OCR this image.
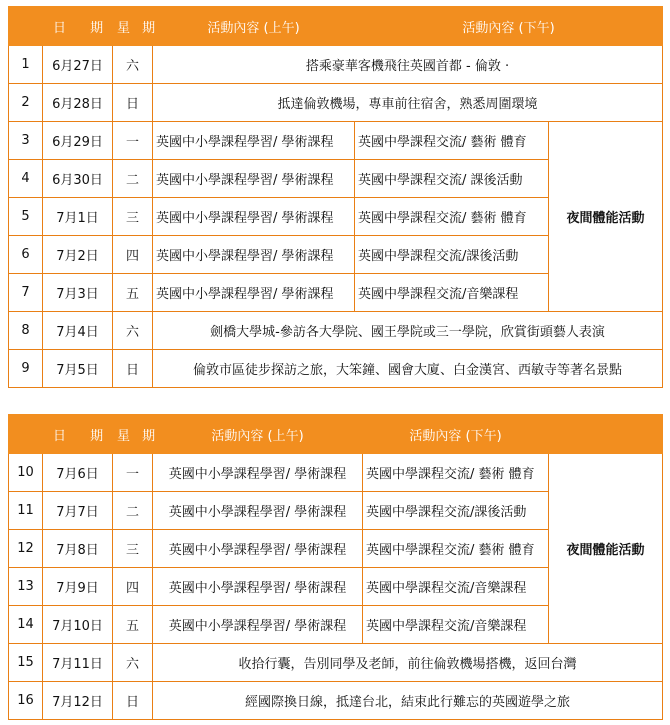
	日 期	星 期	活動內容 (上午)	活動內容 (下午)	
1	6月27日	六	搭乘豪華客機飛往英國首都 - 倫敦 ·		
2	6月28日	日	抵達倫敦機場，專車前往宿舍，熟悉周圍環境		
3	6月29日	一	英國中小學課程學習/ 學術課程	英國中學課程交流/ 藝術 體育	夜間體能活動
4	6月30日	二	英國中小學課程學習/ 學術課程	英國中學課程交流/ 課後活動	
5	7月1日	三	英國中小學課程學習/ 學術課程	英國中學課程交流/ 藝術 體育	
6	7月2日	四	英國中小學課程學習/ 學術課程	英國中學課程交流/課後活動	
7	7月3日	五	英國中小學課程學習/ 學術課程	英國中學課程交流/音樂課程	
8	7月4日	六	劍橋大學城-參訪各大學院、國王學院或三一學院，欣賞街頭藝人表演		
9	7月5日	日	倫敦市區徒步探訪之旅，大笨鐘、國會大廈、白金漢宮、西敏寺等著名景點		
	日 期	星 期	活動內容 (上午)	活動內容 (下午)	
10	7月6日	一	英國中小學課程學習/ 學術課程	英國中學課程交流/ 藝術 體育	夜間體能活動
11	7月7日	二	英國中小學課程學習/ 學術課程	英國中學課程交流/課後活動	
12	7月8日	三	英國中小學課程學習/ 學術課程	英國中學課程交流/ 藝術 體育	
13	7月9日	四	英國中小學課程學習/ 學術課程	英國中學課程交流/音樂課程	
14	7月10日	五	英國中小學課程學習/ 學術課程	英國中學課程交流/音樂課程	
15	7月11日	六	收拾行囊，告別同學及老師，前往倫敦機場搭機，返回台灣		
16	7月12日	日	經國際換日線，抵達台北，結束此行難忘的英國遊學之旅		
